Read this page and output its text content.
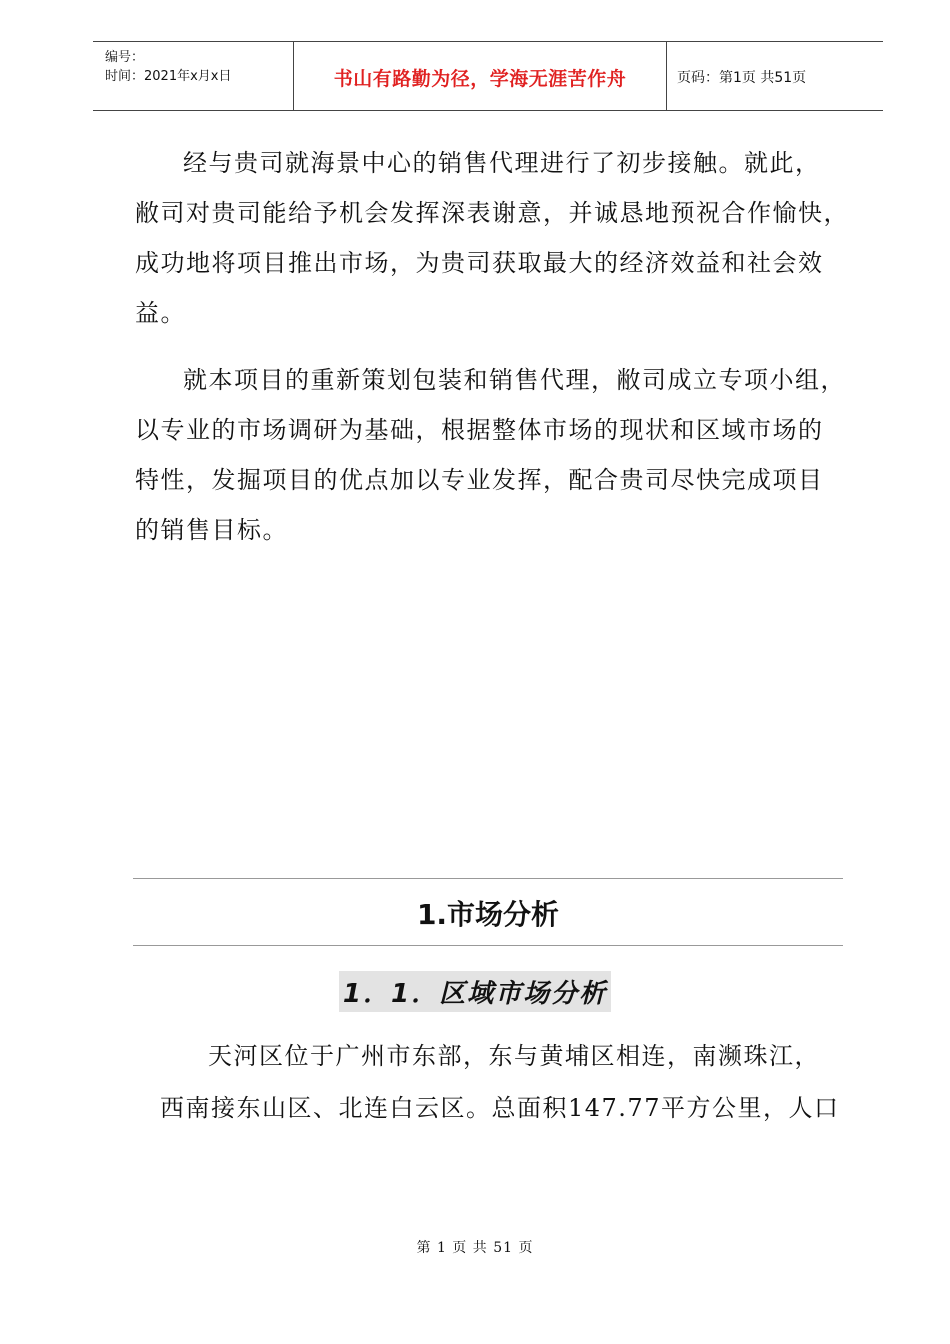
编号：
时间：2021年x月x日	书山有路勤为径，学海无涯苦作舟	页码：第1页 共51页
经与贵司就海景中心的销售代理进行了初步接触。就此，
敝司对贵司能给予机会发挥深表谢意，并诚恳地预祝合作愉快，
成功地将项目推出市场，为贵司获取最大的经济效益和社会效
益。
就本项目的重新策划包装和销售代理，敝司成立专项小组，
以专业的市场调研为基础，根据整体市场的现状和区域市场的
特性，发掘项目的优点加以专业发挥，配合贵司尽快完成项目
的销售目标。
1.市场分析
1．1．区域市场分析
天河区位于广州市东部，东与黄埔区相连，南濒珠江，
西南接东山区、北连白云区。总面积147.77平方公里，人口
第 1 页 共 51 页
